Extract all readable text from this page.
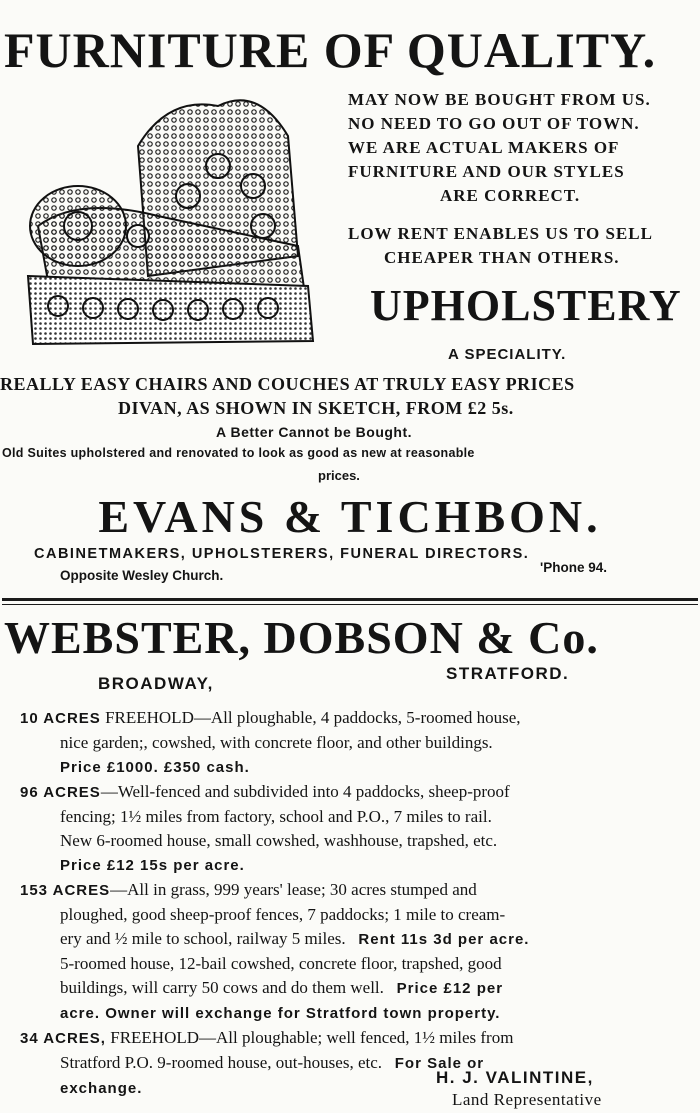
FURNITURE OF QUALITY.
MAY NOW BE BOUGHT FROM US.
NO NEED TO GO OUT OF TOWN.
WE ARE ACTUAL MAKERS OF
FURNITURE AND OUR STYLES
ARE CORRECT.
LOW RENT ENABLES US TO SELL
CHEAPER THAN OTHERS.
UPHOLSTERY
A SPECIALITY.
REALLY EASY CHAIRS AND COUCHES AT TRULY EASY PRICES
DIVAN, AS SHOWN IN SKETCH, FROM £2 5s.
A Better Cannot be Bought.
Old Suites upholstered and renovated to look as good as new at reasonable
prices.
EVANS & TICHBON.
CABINETMAKERS, UPHOLSTERERS, FUNERAL DIRECTORS.
Opposite Wesley Church.
'Phone 94.
WEBSTER, DOBSON & Co.
BROADWAY,
STRATFORD.
10 ACRES FREEHOLD—All ploughable, 4 paddocks, 5-roomed house,
nice garden;, cowshed, with concrete floor, and other buildings.
Price £1000. £350 cash.
96 ACRES—Well-fenced and subdivided into 4 paddocks, sheep-proof
fencing; 1½ miles from factory, school and P.O., 7 miles to rail.
New 6-roomed house, small cowshed, washhouse, trapshed, etc.
Price £12 15s per acre.
153 ACRES—All in grass, 999 years' lease; 30 acres stumped and
ploughed, good sheep-proof fences, 7 paddocks; 1 mile to cream-
ery and ½ mile to school, railway 5 miles. Rent 11s 3d per acre.
5-roomed house, 12-bail cowshed, concrete floor, trapshed, good
buildings, will carry 50 cows and do them well. Price £12 per
acre. Owner will exchange for Stratford town property.
34 ACRES, FREEHOLD—All ploughable; well fenced, 1½ miles from
Stratford P.O. 9-roomed house, out-houses, etc. For Sale or
exchange.
H. J. VALINTINE,
Land Representative
